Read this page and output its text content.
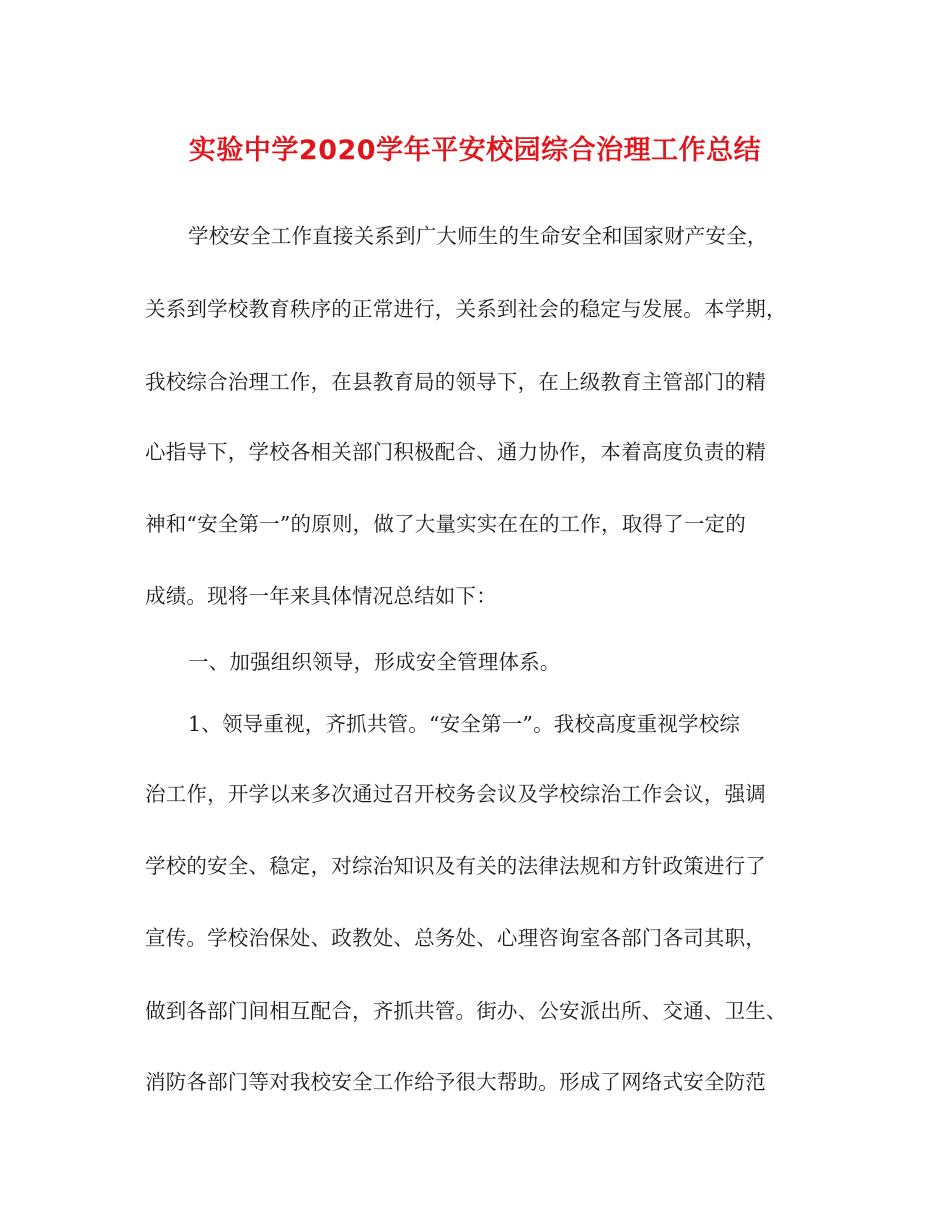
实验中学2020学年平安校园综合治理工作总结
学校安全工作直接关系到广大师生的生命安全和国家财产安全，
关系到学校教育秩序的正常进行，关系到社会的稳定与发展。本学期，
我校综合治理工作，在县教育局的领导下，在上级教育主管部门的精
心指导下，学校各相关部门积极配合、通力协作，本着高度负责的精
神和“安全第一”的原则，做了大量实实在在的工作，取得了一定的
成绩。现将一年来具体情况总结如下：
一、加强组织领导，形成安全管理体系。
1、领导重视，齐抓共管。“安全第一”。我校高度重视学校综
治工作，开学以来多次通过召开校务会议及学校综治工作会议，强调
学校的安全、稳定，对综治知识及有关的法律法规和方针政策进行了
宣传。学校治保处、政教处、总务处、心理咨询室各部门各司其职，
做到各部门间相互配合，齐抓共管。街办、公安派出所、交通、卫生、
消防各部门等对我校安全工作给予很大帮助。形成了网络式安全防范
